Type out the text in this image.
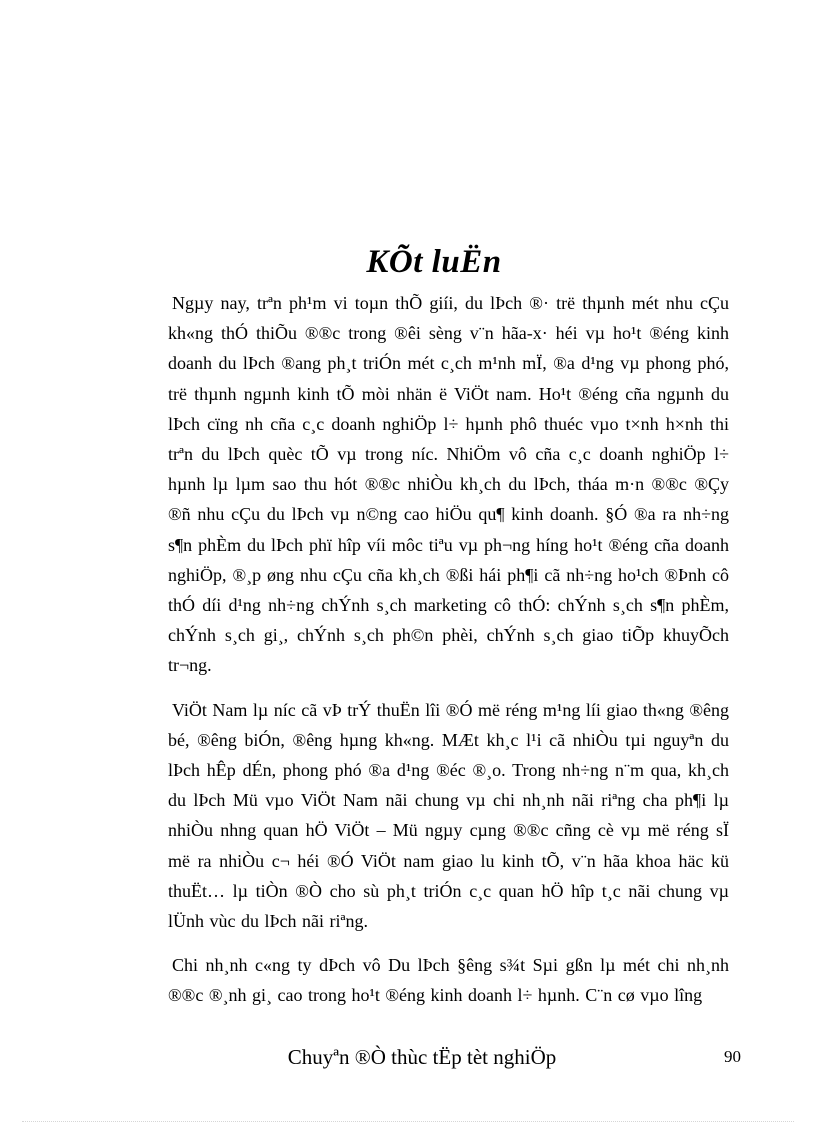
KÕt luËn

Ngµy nay, trªn ph¹m vi toµn thÕ giíi, du lÞch ®· trë thµnh mét nhu cÇu kh«ng thÓ thiÕu ®®c trong ®êi sèng v¨n hãa-x· héi vµ ho¹t ®éng kinh doanh du lÞch ®ang ph¸t triÓn mét c¸ch m¹nh mÏ, ®a d¹ng vµ phong phó, trë thµnh ngµnh kinh tÕ mòi nhän ë ViÖt nam. Ho¹t ®éng cña ngµnh du lÞch cïng nh cña c¸c doanh nghiÖp l÷ hµnh phô thuéc vµo t×nh h×nh thi trªn du lÞch quèc tÕ vµ trong níc. NhiÖm vô cña c¸c doanh nghiÖp l÷ hµnh lµ lµm sao thu hót ®®c nhiÒu kh¸ch du lÞch, tháa m·n ®®c ®Çy ®ñ nhu cÇu du lÞch vµ n©ng cao hiÖu qu¶ kinh doanh. §Ó ®a ra nh÷ng s¶n phÈm du lÞch phï hîp víi môc tiªu vµ ph¬ng híng ho¹t ®éng cña doanh nghiÖp, ®¸p øng nhu cÇu cña kh¸ch ®ßi hái ph¶i cã nh÷ng ho¹ch ®Þnh cô thÓ díi d¹ng nh÷ng chÝnh s¸ch marketing cô thÓ: chÝnh s¸ch s¶n phÈm, chÝnh s¸ch gi¸, chÝnh s¸ch ph©n phèi, chÝnh s¸ch giao tiÕp khuyÕch tr¬ng.

ViÖt Nam lµ níc cã vÞ trÝ thuËn lîi ®Ó më réng m¹ng líi giao th«ng ®êng bé, ®êng biÓn, ®êng hµng kh«ng. MÆt kh¸c l¹i cã nhiÒu tµi nguyªn du lÞch hÊp dÉn, phong phó ®a d¹ng ®éc ®¸o. Trong nh÷ng n¨m qua, kh¸ch du lÞch Mü vµo ViÖt Nam nãi chung vµ chi nh¸nh nãi riªng cha ph¶i lµ nhiÒu nhng quan hÖ ViÖt – Mü ngµy cµng ®®c cñng cè vµ më réng sÏ më ra nhiÒu c¬ héi ®Ó ViÖt nam giao lu kinh tÕ, v¨n hãa khoa häc kü thuËt… lµ tiÒn ®Ò cho sù ph¸t triÓn c¸c quan hÖ hîp t¸c nãi chung vµ lÜnh vùc du lÞch nãi riªng.

Chi nh¸nh c«ng ty dÞch vô Du lÞch §êng s¾t Sµi gßn lµ mét chi nh¸nh ®®c ®¸nh gi¸ cao trong ho¹t ®éng kinh doanh l÷ hµnh. C¨n cø vµo lîng

Chuyªn ®Ò thùc tËp tèt nghiÖp	90
